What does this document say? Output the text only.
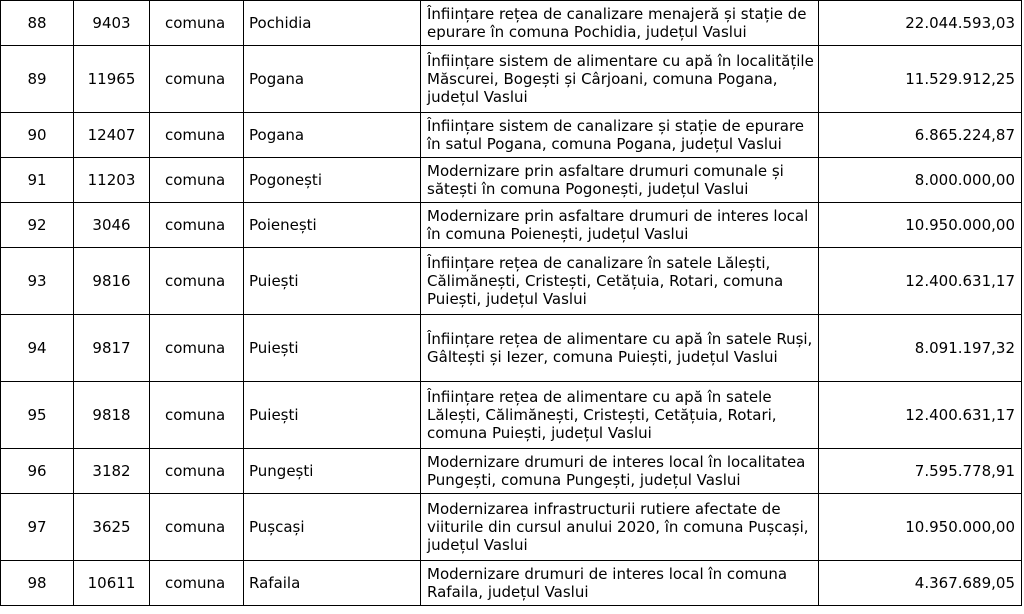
88	9403	comuna	Pochidia	Înființare rețea de canalizare menajeră și stație de epurare în comuna Pochidia, județul Vaslui	22.044.593,03
89	11965	comuna	Pogana	Înființare sistem de alimentare cu apă în localitățile Măscurei, Bogești și Cârjoani, comuna Pogana, județul Vaslui	11.529.912,25
90	12407	comuna	Pogana	Înființare sistem de canalizare și stație de epurare în satul Pogana, comuna Pogana, județul Vaslui	6.865.224,87
91	11203	comuna	Pogonești	Modernizare prin asfaltare drumuri comunale și sătești în comuna Pogonești, județul Vaslui	8.000.000,00
92	3046	comuna	Poienești	Modernizare prin asfaltare drumuri de interes local în comuna Poienești, județul Vaslui	10.950.000,00
93	9816	comuna	Puiești	Înființare rețea de canalizare în satele Lălești, Călimănești, Cristești, Cetățuia, Rotari, comuna Puiești, județul Vaslui	12.400.631,17
94	9817	comuna	Puiești	Înființare rețea de alimentare cu apă în satele Ruși, Gâltești și Iezer, comuna Puiești, județul Vaslui	8.091.197,32
95	9818	comuna	Puiești	Înființare rețea de alimentare cu apă în satele Lălești, Călimănești, Cristești, Cetățuia, Rotari, comuna Puiești, județul Vaslui	12.400.631,17
96	3182	comuna	Pungești	Modernizare drumuri de interes local în localitatea Pungești, comuna Pungești, județul Vaslui	7.595.778,91
97	3625	comuna	Pușcași	Modernizarea infrastructurii rutiere afectate de viiturile din cursul anului 2020, în comuna Pușcași, județul Vaslui	10.950.000,00
98	10611	comuna	Rafaila	Modernizare drumuri de interes local în comuna Rafaila, județul Vaslui	4.367.689,05
